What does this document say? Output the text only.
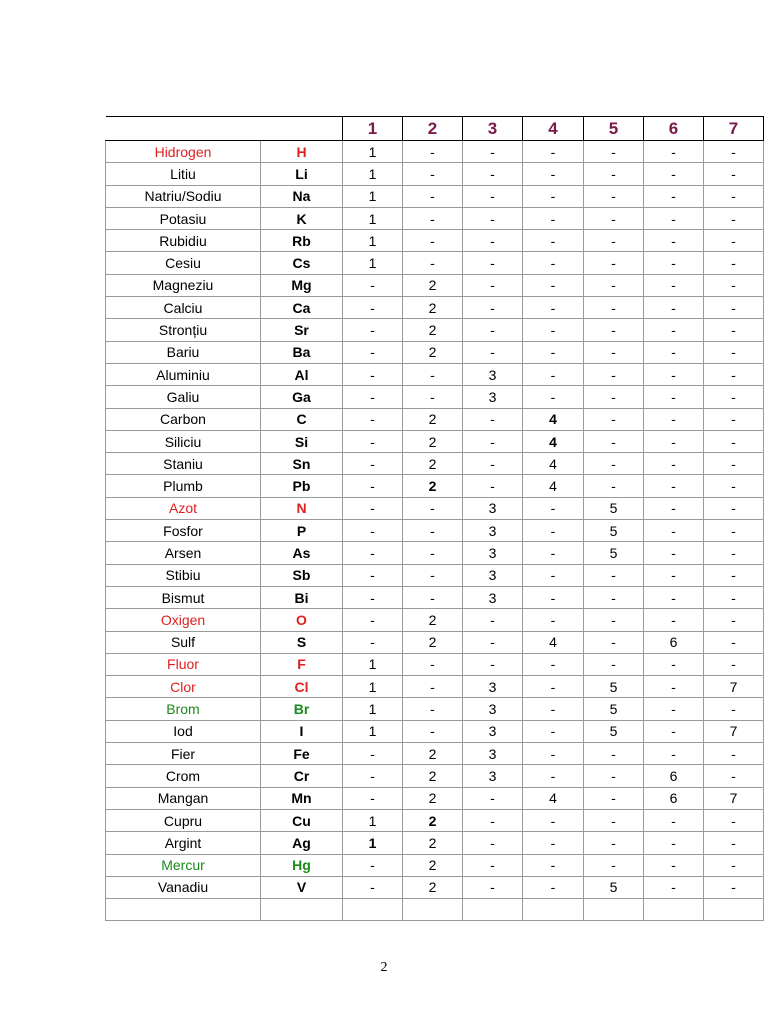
		1	2	3	4	5	6	7
Hidrogen	H	1	-	-	-	-	-	-
Litiu	Li	1	-	-	-	-	-	-
Natriu/Sodiu	Na	1	-	-	-	-	-	-
Potasiu	K	1	-	-	-	-	-	-
Rubidiu	Rb	1	-	-	-	-	-	-
Cesiu	Cs	1	-	-	-	-	-	-
Magneziu	Mg	-	2	-	-	-	-	-
Calciu	Ca	-	2	-	-	-	-	-
Stronțiu	Sr	-	2	-	-	-	-	-
Bariu	Ba	-	2	-	-	-	-	-
Aluminiu	Al	-	-	3	-	-	-	-
Galiu	Ga	-	-	3	-	-	-	-
Carbon	C	-	2	-	4	-	-	-
Siliciu	Si	-	2	-	4	-	-	-
Staniu	Sn	-	2	-	4	-	-	-
Plumb	Pb	-	2	-	4	-	-	-
Azot	N	-	-	3	-	5	-	-
Fosfor	P	-	-	3	-	5	-	-
Arsen	As	-	-	3	-	5	-	-
Stibiu	Sb	-	-	3	-	-	-	-
Bismut	Bi	-	-	3	-	-	-	-
Oxigen	O	-	2	-	-	-	-	-
Sulf	S	-	2	-	4	-	6	-
Fluor	F	1	-	-	-	-	-	-
Clor	Cl	1	-	3	-	5	-	7
Brom	Br	1	-	3	-	5	-	-
Iod	I	1	-	3	-	5	-	7
Fier	Fe	-	2	3	-	-	-	-
Crom	Cr	-	2	3	-	-	6	-
Mangan	Mn	-	2	-	4	-	6	7
Cupru	Cu	1	2	-	-	-	-	-
Argint	Ag	1	2	-	-	-	-	-
Mercur	Hg	-	2	-	-	-	-	-
Vanadiu	V	-	2	-	-	5	-	-

2
